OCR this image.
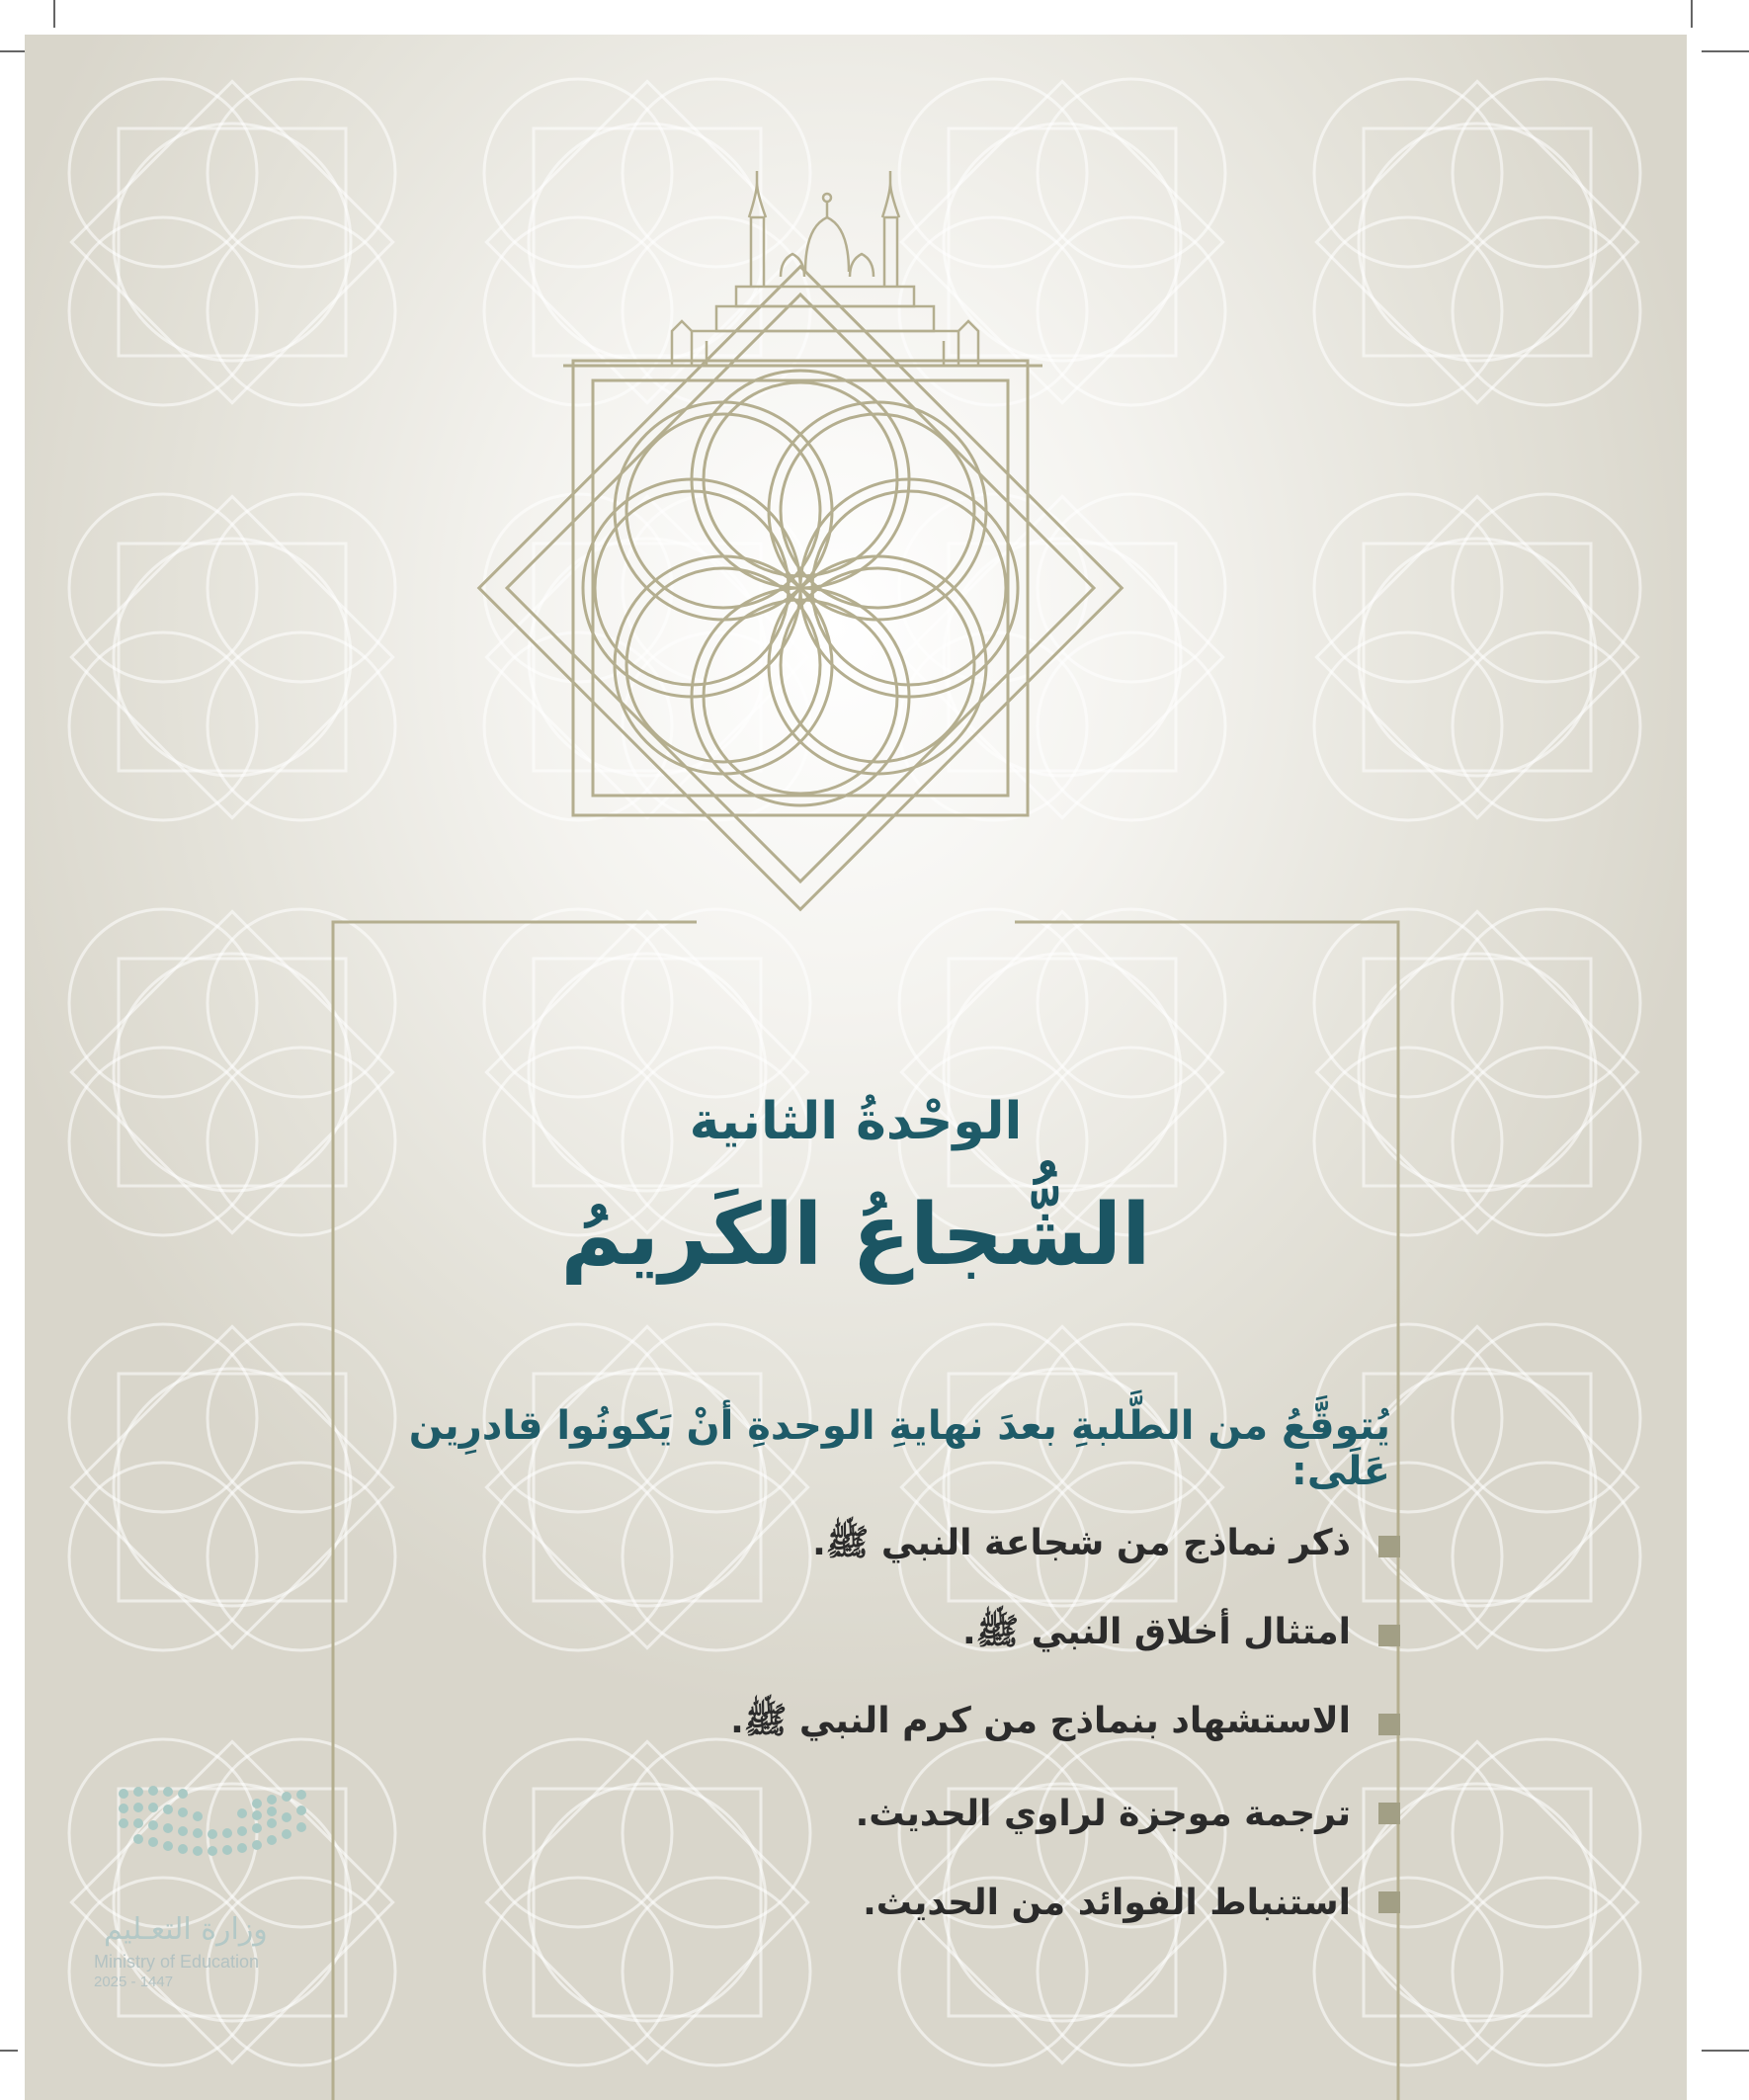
الوحْدةُ الثانية
الشُّجاعُ الكَريمُ
يُتوقَّعُ من الطَّلبةِ بعدَ نهايةِ الوحدةِ أنْ يَكونُوا قادرِين عَلَى:
ذكر نماذج من شجاعة النبي ﷺ.
امتثال أخلاق النبي ﷺ.
الاستشهاد بنماذج من كرم النبي ﷺ.
ترجمة موجزة لراوي الحديث.
استنباط الفوائد من الحديث.
وزارة التعـليم
Ministry of Education
2025 - 1447
